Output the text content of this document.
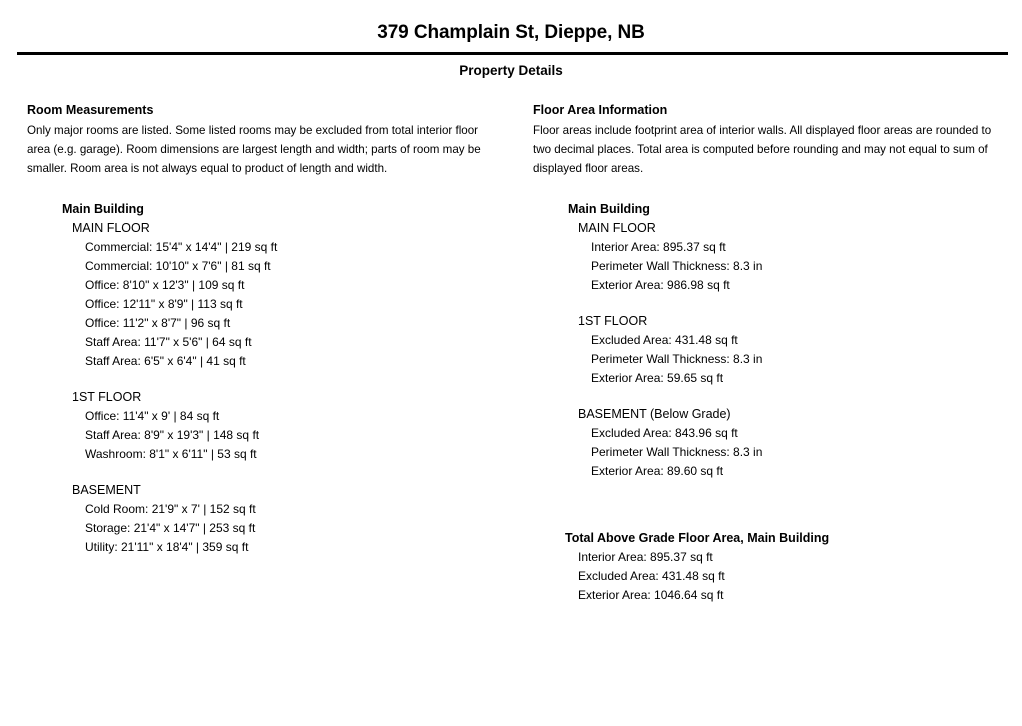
379 Champlain St, Dieppe, NB
Property Details
Room Measurements
Only major rooms are listed. Some listed rooms may be excluded from total interior floor area (e.g. garage). Room dimensions are largest length and width; parts of room may be smaller. Room area is not always equal to product of length and width.
Main Building
MAIN FLOOR
Commercial: 15'4" x 14'4" | 219 sq ft
Commercial: 10'10" x 7'6" | 81 sq ft
Office: 8'10" x 12'3" | 109 sq ft
Office: 12'11" x 8'9" | 113 sq ft
Office: 11'2" x 8'7" | 96 sq ft
Staff Area: 11'7" x 5'6" | 64 sq ft
Staff Area: 6'5" x 6'4" | 41 sq ft
1ST FLOOR
Office: 11'4" x 9' | 84 sq ft
Staff Area: 8'9" x 19'3" | 148 sq ft
Washroom: 8'1" x 6'11" | 53 sq ft
BASEMENT
Cold Room: 21'9" x 7' | 152 sq ft
Storage: 21'4" x 14'7" | 253 sq ft
Utility: 21'11" x 18'4" | 359 sq ft
Floor Area Information
Floor areas include footprint area of interior walls. All displayed floor areas are rounded to two decimal places. Total area is computed before rounding and may not equal to sum of displayed floor areas.
Main Building
MAIN FLOOR
Interior Area: 895.37 sq ft
Perimeter Wall Thickness: 8.3 in
Exterior Area: 986.98 sq ft
1ST FLOOR
Excluded Area: 431.48 sq ft
Perimeter Wall Thickness: 8.3 in
Exterior Area: 59.65 sq ft
BASEMENT (Below Grade)
Excluded Area: 843.96 sq ft
Perimeter Wall Thickness: 8.3 in
Exterior Area: 89.60 sq ft
Total Above Grade Floor Area, Main Building
Interior Area: 895.37 sq ft
Excluded Area: 431.48 sq ft
Exterior Area: 1046.64 sq ft
